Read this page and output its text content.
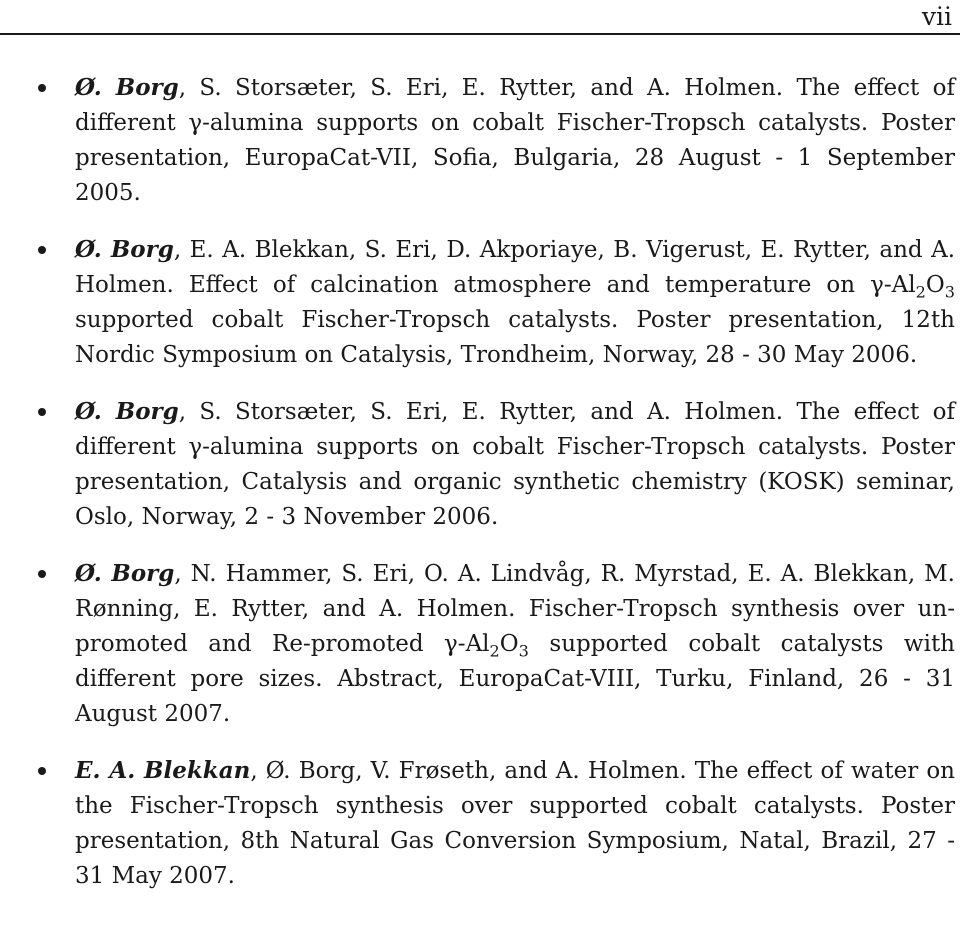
vii
Ø. Borg, S. Storsæter, S. Eri, E. Rytter, and A. Holmen. The effect of different γ-alumina supports on cobalt Fischer-Tropsch catalysts. Poster presentation, EuropaCat-VII, Sofia, Bulgaria, 28 August - 1 September 2005.
Ø. Borg, E. A. Blekkan, S. Eri, D. Akporiaye, B. Vigerust, E. Rytter, and A. Holmen. Effect of calcination atmosphere and temperature on $\gamma-Al_2O_3$ supported cobalt Fischer-Tropsch catalysts. Poster presentation, 12th Nordic Symposium on Catalysis, Trondheim, Norway, 28 - 30 May 2006.
Ø. Borg, S. Storsæter, S. Eri, E. Rytter, and A. Holmen. The effect of different γ-alumina supports on cobalt Fischer-Tropsch catalysts. Poster presentation, Catalysis and organic synthetic chemistry (KOSK) seminar, Oslo, Norway, 2 - 3 November 2006.
Ø. Borg, N. Hammer, S. Eri, O. A. Lindvåg, R. Myrstad, E. A. Blekkan, M. Rønning, E. Rytter, and A. Holmen. Fischer-Tropsch synthesis over un-promoted and Re-promoted $\gamma-Al_2O_3$ supported cobalt catalysts with different pore sizes. Abstract, EuropaCat-VIII, Turku, Finland, 26 - 31 August 2007.
E. A. Blekkan, Ø. Borg, V. Frøseth, and A. Holmen. The effect of water on the Fischer-Tropsch synthesis over supported cobalt catalysts. Poster presentation, 8th Natural Gas Conversion Symposium, Natal, Brazil, 27 - 31 May 2007.
